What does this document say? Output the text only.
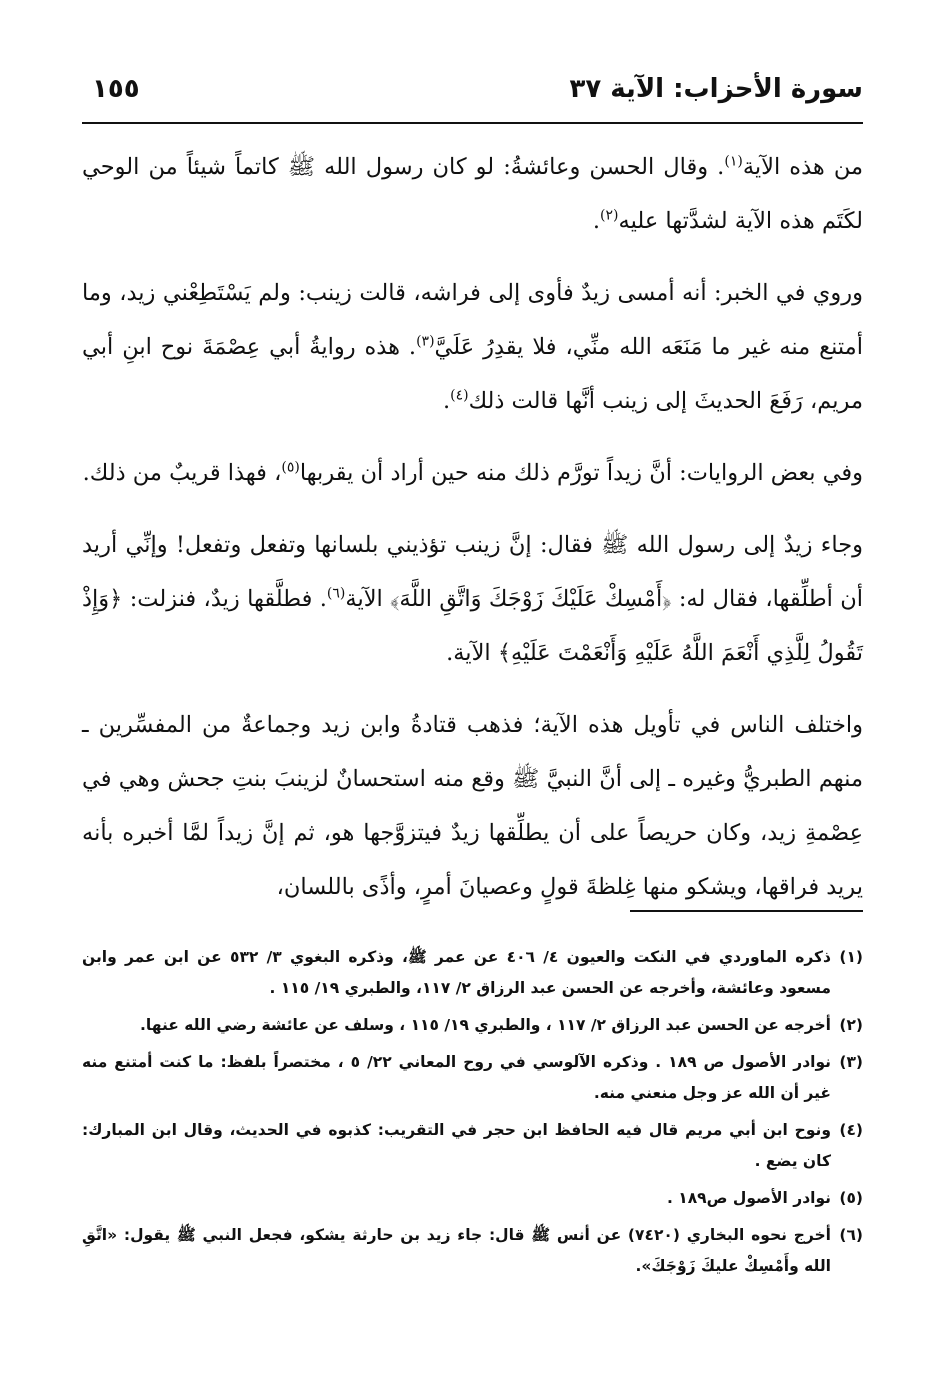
سورة الأحزاب: الآية ٣٧
١٥٥

من هذه الآية$^{(١)}$. وقال الحسن وعائشةُ: لو كان رسول الله ﷺ كاتماً شيئاً من الوحي لكَتَم هذه الآية لشدَّتها عليه$^{(٢)}$.

وروي في الخبر: أنه أمسى زيدٌ فأوى إلى فراشه، قالت زينب: ولم يَسْتَطِعْني زيد، وما أمتنع منه غير ما مَنَعَه الله منِّي، فلا يقدِرُ عَلَيَّ$^{(٣)}$. هذه روايةُ أبي عِصْمَةَ نوح ابنِ أبي مريم، رَفَعَ الحديثَ إلى زينب أنَّها قالت ذلك$^{(٤)}$.

وفي بعض الروايات: أنَّ زيداً تورَّم ذلك منه حين أراد أن يقربها$^{(٥)}$، فهذا قريبٌ من ذلك.

وجاء زيدٌ إلى رسول الله ﷺ فقال: إنَّ زينب تؤذيني بلسانها وتفعل وتفعل! وإنِّي أريد أن أطلِّقها، فقال له: ﴿أَمْسِكْ عَلَيْكَ زَوْجَكَ وَاتَّقِ اللَّهَ﴾ الآية$^{(٦)}$. فطلَّقها زيدٌ، فنزلت: ﴿وَإِذْ تَقُولُ لِلَّذِي أَنْعَمَ اللَّهُ عَلَيْهِ وَأَنْعَمْتَ عَلَيْهِ﴾ الآية.

واختلف الناس في تأويل هذه الآية؛ فذهب قتادةُ وابن زيد وجماعةٌ من المفسِّرين ـ منهم الطبريُّ وغيره ـ إلى أنَّ النبيَّ ﷺ وقع منه استحسانٌ لزينبَ بنتِ جحش وهي في عِصْمةِ زيد، وكان حريصاً على أن يطلِّقها زيدٌ فيتزوَّجها هو، ثم إنَّ زيداً لمَّا أخبره بأنه يريد فراقها، ويشكو منها غِلظةَ قولٍ وعصيانَ أمرٍ، وأذًى باللسان،

(١)
ذكره الماوردي في النكت والعيون ٤/ ٤٠٦ عن عمر ﷺ، وذكره البغوي ٣/ ٥٣٢ عن ابن عمر وابن مسعود وعائشة، وأخرجه عن الحسن عبد الرزاق ٢/ ١١٧، والطبري ١٩/ ١١٥ .
(٢)
أخرجه عن الحسن عبد الرزاق ٢/ ١١٧ ، والطبري ١٩/ ١١٥ ، وسلف عن عائشة رضي الله عنها.
(٣)
نوادر الأصول ص ١٨٩ . وذكره الآلوسي في روح المعاني ٢٢/ ٥ ، مختصراً بلفظ: ما كنت أمتنع منه غير أن الله عز وجل منعني منه.
(٤)
ونوح ابن أبي مريم قال فيه الحافظ ابن حجر في التقريب: كذبوه في الحديث، وقال ابن المبارك: كان يضع .
(٥)
نوادر الأصول ص١٨٩ .
(٦)
أخرج نحوه البخاري (٧٤٢٠) عن أنس ﷺ قال: جاء زيد بن حارثة يشكو، فجعل النبي ﷺ يقول: «اتَّقِ الله وأَمْسِكْ عليكَ زَوْجَكَ».
